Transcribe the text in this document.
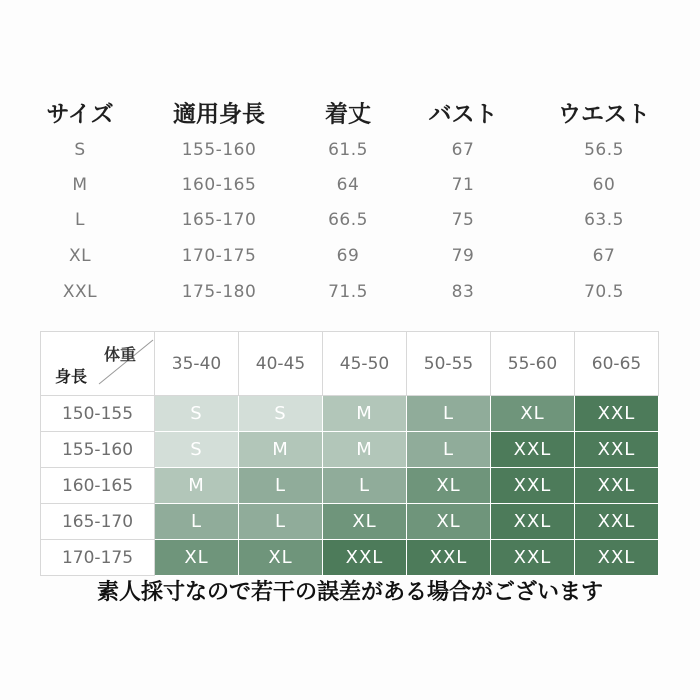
サイズ	適用身長	着丈	バスト	ウエスト
S	155-160	61.5	67	56.5
M	160-165	64	71	60
L	165-170	66.5	75	63.5
XL	170-175	69	79	67
XXL	175-180	71.5	83	70.5
体重
身長
35-40	40-45	45-50	50-55	55-60	60-65
150-155	S	S	M	L	XL	XXL
155-160	S	M	M	L	XXL	XXL
160-165	M	L	L	XL	XXL	XXL
165-170	L	L	XL	XL	XXL	XXL
170-175	XL	XL	XXL	XXL	XXL	XXL
素人採寸なので若干の誤差がある場合がございます
